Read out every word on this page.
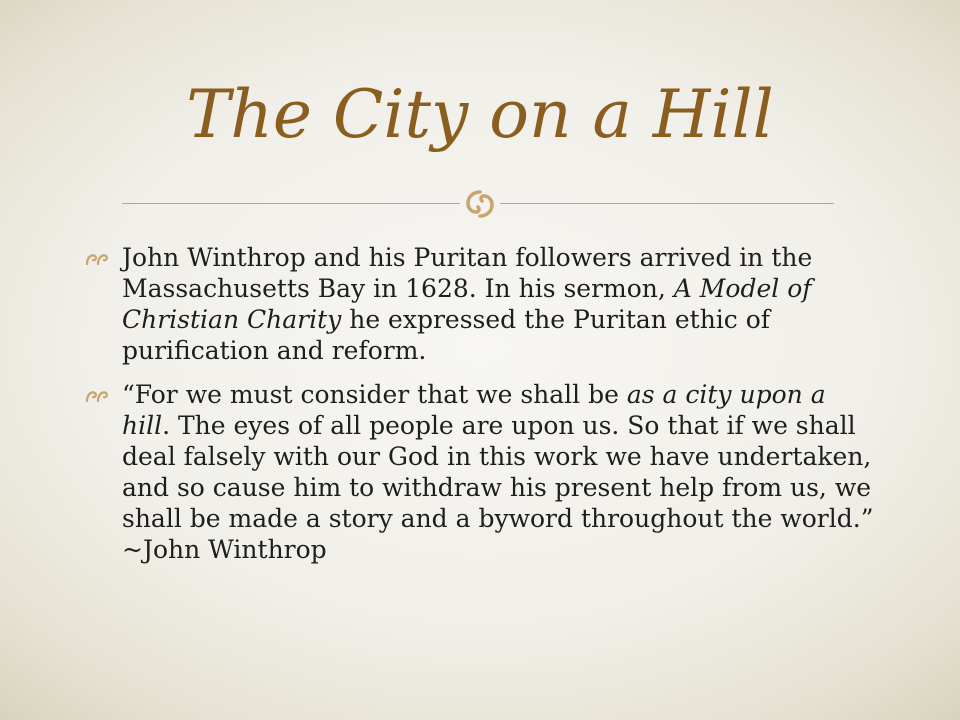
The City on a Hill
John Winthrop and his Puritan followers arrived in the Massachusetts Bay in 1628. In his sermon, A Model of Christian Charity he expressed the Puritan ethic of purification and reform.
“For we must consider that we shall be as a city upon a hill. The eyes of all people are upon us. So that if we shall deal falsely with our God in this work we have undertaken, and so cause him to withdraw his present help from us, we shall be made a story and a byword throughout the world.” ~John Winthrop
